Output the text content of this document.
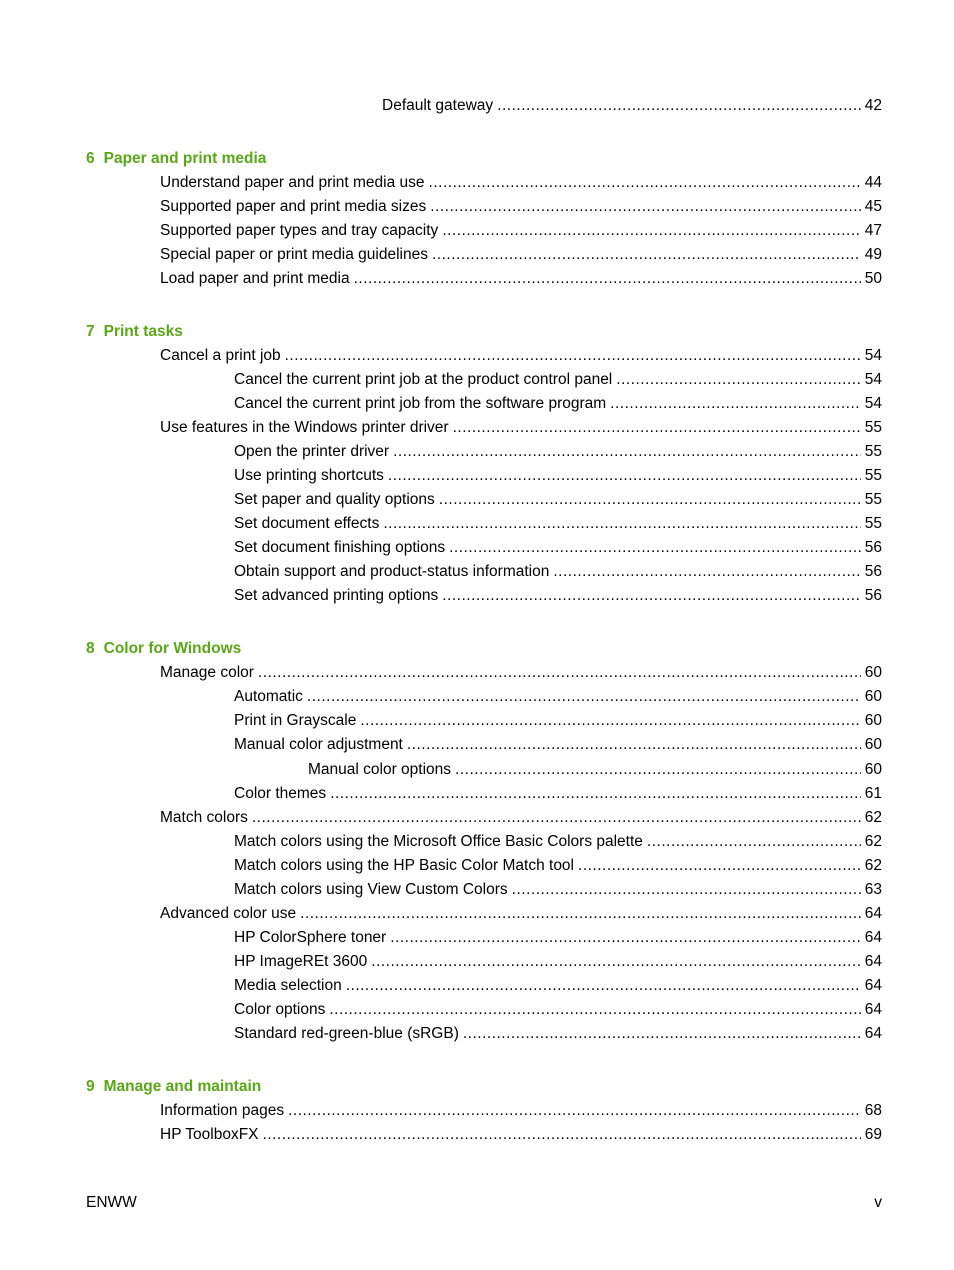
Default gateway .....	42
6 Paper and print media
Understand paper and print media use .....	44
Supported paper and print media sizes .....	45
Supported paper types and tray capacity .....	47
Special paper or print media guidelines .....	49
Load paper and print media .....	50
7 Print tasks
Cancel a print job .....	54
Cancel the current print job at the product control panel .....	54
Cancel the current print job from the software program .....	54
Use features in the Windows printer driver .....	55
Open the printer driver .....	55
Use printing shortcuts .....	55
Set paper and quality options .....	55
Set document effects .....	55
Set document finishing options .....	56
Obtain support and product-status information .....	56
Set advanced printing options .....	56
8 Color for Windows
Manage color .....	60
Automatic .....	60
Print in Grayscale .....	60
Manual color adjustment .....	60
Manual color options .....	60
Color themes .....	61
Match colors .....	62
Match colors using the Microsoft Office Basic Colors palette .....	62
Match colors using the HP Basic Color Match tool .....	62
Match colors using View Custom Colors .....	63
Advanced color use .....	64
HP ColorSphere toner .....	64
HP ImageREt 3600 .....	64
Media selection .....	64
Color options .....	64
Standard red-green-blue (sRGB) .....	64
9 Manage and maintain
Information pages .....	68
HP ToolboxFX .....	69
ENWW	v
